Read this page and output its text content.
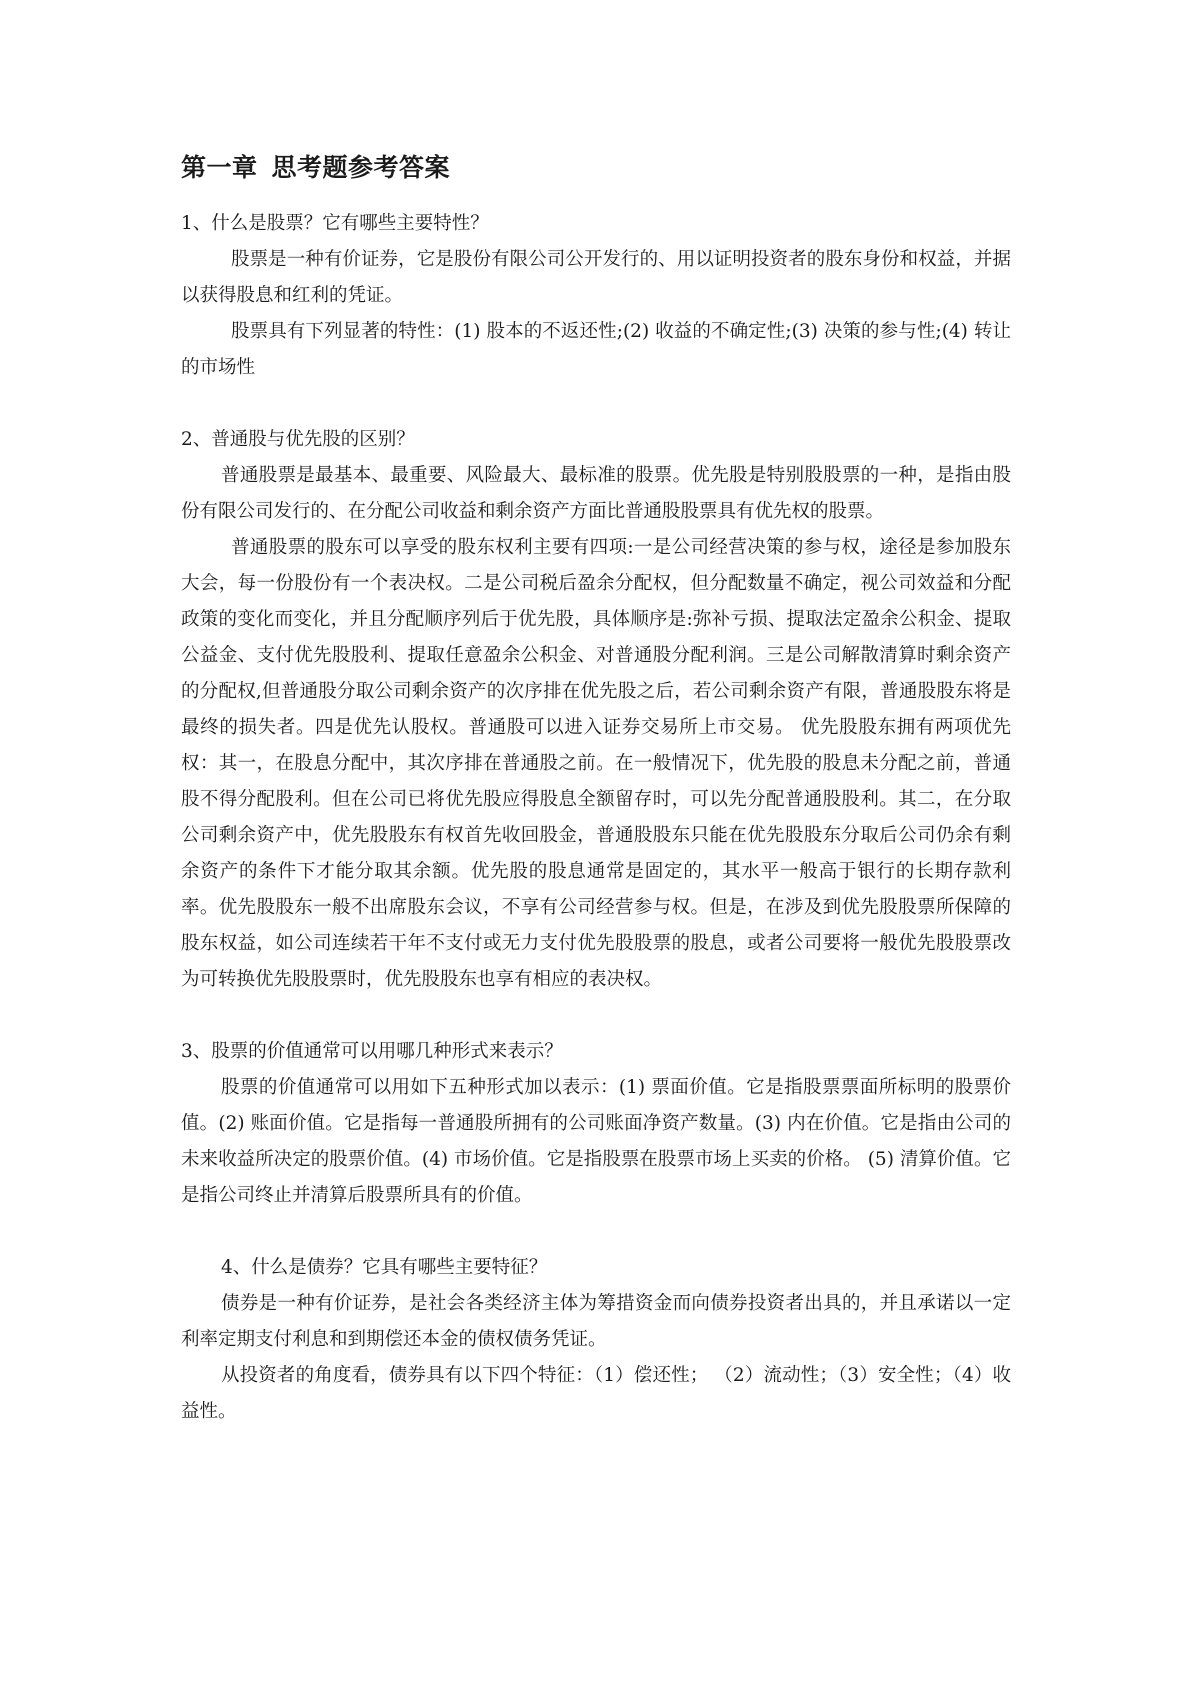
第一章 思考题参考答案

1、什么是股票？它有哪些主要特性？

股票是一种有价证券，它是股份有限公司公开发行的、用以证明投资者的股东身份和权益，并据以获得股息和红利的凭证。

股票具有下列显著的特性：(1) 股本的不返还性;(2) 收益的不确定性;(3) 决策的参与性;(4) 转让的市场性

2、普通股与优先股的区别？

普通股票是最基本、最重要、风险最大、最标准的股票。优先股是特别股股票的一种，是指由股份有限公司发行的、在分配公司收益和剩余资产方面比普通股股票具有优先权的股票。

普通股票的股东可以享受的股东权利主要有四项:一是公司经营决策的参与权，途径是参加股东大会，每一份股份有一个表决权。二是公司税后盈余分配权，但分配数量不确定，视公司效益和分配政策的变化而变化，并且分配顺序列后于优先股，具体顺序是:弥补亏损、提取法定盈余公积金、提取公益金、支付优先股股利、提取任意盈余公积金、对普通股分配利润。三是公司解散清算时剩余资产的分配权,但普通股分取公司剩余资产的次序排在优先股之后，若公司剩余资产有限，普通股股东将是最终的损失者。四是优先认股权。普通股可以进入证券交易所上市交易。 优先股股东拥有两项优先权：其一，在股息分配中，其次序排在普通股之前。在一般情况下，优先股的股息未分配之前，普通股不得分配股利。但在公司已将优先股应得股息全额留存时，可以先分配普通股股利。其二，在分取公司剩余资产中，优先股股东有权首先收回股金，普通股股东只能在优先股股东分取后公司仍余有剩余资产的条件下才能分取其余额。优先股的股息通常是固定的，其水平一般高于银行的长期存款利率。优先股股东一般不出席股东会议，不享有公司经营参与权。但是，在涉及到优先股股票所保障的股东权益，如公司连续若干年不支付或无力支付优先股股票的股息，或者公司要将一般优先股股票改为可转换优先股股票时，优先股股东也享有相应的表决权。

3、股票的价值通常可以用哪几种形式来表示？

股票的价值通常可以用如下五种形式加以表示：(1) 票面价值。它是指股票票面所标明的股票价值。(2) 账面价值。它是指每一普通股所拥有的公司账面净资产数量。(3) 内在价值。它是指由公司的未来收益所决定的股票价值。(4) 市场价值。它是指股票在股票市场上买卖的价格。 (5) 清算价值。它是指公司终止并清算后股票所具有的价值。

4、什么是债券？它具有哪些主要特征？

债券是一种有价证券，是社会各类经济主体为筹措资金而向债券投资者出具的，并且承诺以一定利率定期支付利息和到期偿还本金的债权债务凭证。

从投资者的角度看，债券具有以下四个特征：（1）偿还性； （2）流动性；（3）安全性；（4）收益性。
